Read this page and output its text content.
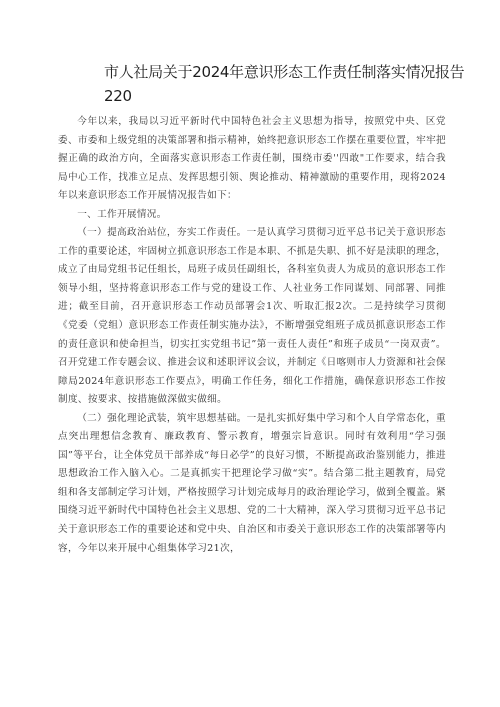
市人社局关于2024年意识形态工作责任制落实情况报告220

今年以来，我局以习近平新时代中国特色社会主义思想为指导，按照党中央、区党委、市委和上级党组的决策部署和指示精神，始终把意识形态工作摆在重要位置，牢牢把握正确的政治方向，全面落实意识形态工作责任制，围绕市委''四敢"工作要求，结合我局中心工作，找准立足点、发挥思想引领、舆论推动、精神激励的重要作用，现将2024年以来意识形态工作开展情况报告如下：

一、工作开展情况。

（一）提高政治站位，夯实工作责任。一是认真学习贯彻习近平总书记关于意识形态工作的重要论述，牢固树立抓意识形态工作是本职、不抓是失职、抓不好是渎职的理念，成立了由局党组书记任组长，局班子成员任副组长，各科室负责人为成员的意识形态工作领导小组，坚持将意识形态工作与党的建设工作、人社业务工作同谋划、同部署、同推进；截至目前，召开意识形态工作动员部署会1次、听取汇报2次。二是持续学习贯彻《党委（党组）意识形态工作责任制实施办法》，不断增强党组班子成员抓意识形态工作的责任意识和使命担当，切实扛实党组书记”第一责任人责任”和班子成员“一岗双责”。召开党建工作专题会议、推进会议和述职评议会议，并制定《日喀则市人力资源和社会保障局2024年意识形态工作要点》，明确工作任务，细化工作措施，确保意识形态工作按制度、按要求、按措施做深做实做细。

（二）强化理论武装，筑牢思想基础。一是扎实抓好集中学习和个人自学常态化，重点突出理想信念教育、廉政教育、警示教育，增强宗旨意识。同时有效利用“学习强国”等平台，让全体党员干部养成“每日必学”的良好习惯，不断提高政治鉴别能力，推进思想政治工作入脑入心。二是真抓实干把理论学习做“实”。结合第二批主题教育，局党组和各支部制定学习计划，严格按照学习计划完成每月的政治理论学习，做到全覆盖。紧围绕习近平新时代中国特色社会主义思想、党的二十大精神，深入学习贯彻习近平总书记关于意识形态工作的重要论述和党中央、自治区和市委关于意识形态工作的决策部署等内容，今年以来开展中心组集体学习21次，
